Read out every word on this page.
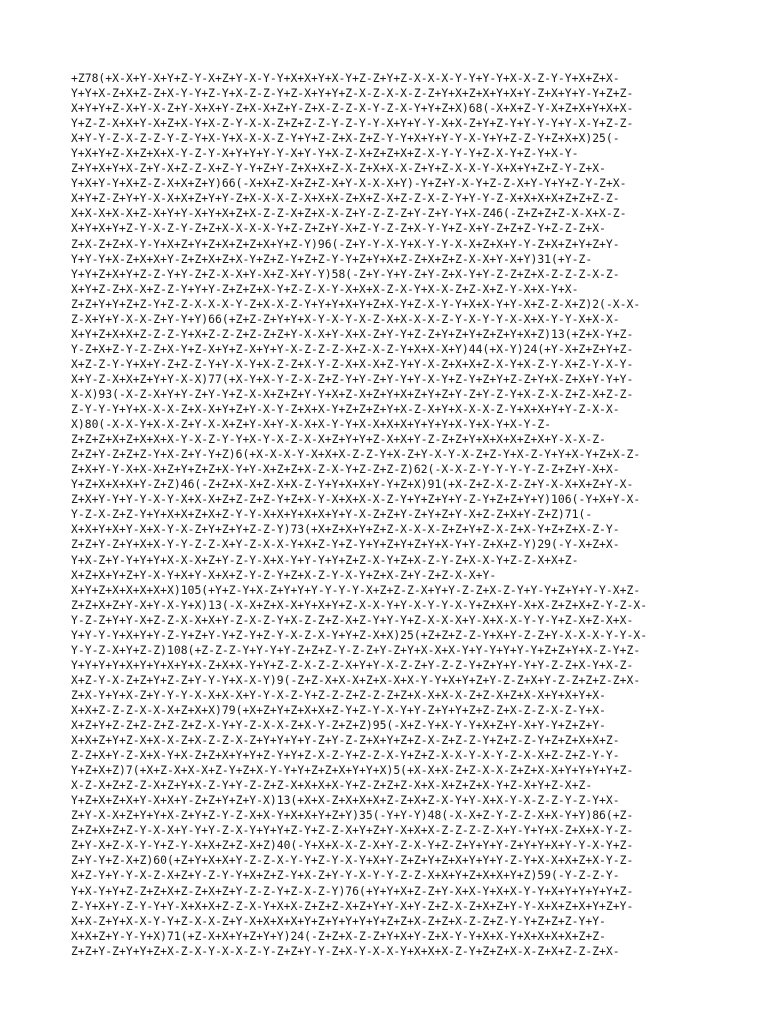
+Z78(+X-X+Y-X+Y+Z-Y-X+Z+Y-X-Y-Y+X+X+Y+X-Y+Z-Z+Y+Z-X-X-X-Y-Y+Y-Y+X-X-Z-Y-Y+X+Z+X-
Y+Y+X-Z+X+Z-Z+X-Y-Y+Z-Y+X-Z-Z-Y+Z-X+Y+Y+Z-X-Z-X-X-Z-Z+Y+X+Z+X+Y+X+Y-Z+X+Y+Y-Y+Z+Z-
X+Y+Y+Z-X+Y-X-Z+Y-X+X+Y-Z+X-X+Z+Y-Z+X-Z-Z-X-Y-Z-X-Y+Y+Z+X)68(-X+X+Z-Y-X+Z+X+Y+X+X-
Y+Z-Z-X+X+Y-X+Z+X-Y+X-Z-Y-X-X-Z+Z+Z-Z-Y-Z-Y-Y-X+Y+Y-Y-X+X-Z+Y+Z-Y+Y-Y-Y+Y-X-Y+Z-Z-
X+Y-Y-Z-X-Z-Z-Y-Z-Y+X-Y+X-X-X-Z-Y+Y+Z-Z+X-Z+Z-Y-Y+X+Y+Y-Y-X-Y+Y+Z-Z-Y+Z+X+X)25(-
Y+X+Y+Z-X+Z+X+X-Y-Z-Y-X+Y+Y+Y-Y-X+Y-Y+X-Z-X+Z+Z+X+Z-X-Y-Y-Y+Z-X-Y+Z-Y+X-Y-
Z+Y+X+Y+X-Z+Y-X+Z-Z-X+Z-Y-Y+Z+Y-Z+X+X+Z-X-Z+X+X-X-Z+Y+Z-X-X-Y-X+X+Y+Z+Z-Y-Z+X-
Y+X+Y-Y+X+Z-Z-X+X+Z+Y)66(-X+X+Z-X+Z+Z-X+Y-X-X-X+Y)-Y+Z+Y-X-Y+Z-Z-X+Y-Y+Y+Z-Y-Z+X-
X+Y+Z-Z+Y+Y-X-X+X+Z+Y+Y-Z+X-X-X-Z-X+X+X-Z+X+Z-X+Z-Z-X-Z-Y+Y-Y-Z-X+X+X+X+Z+Z+Z-Z-
X+X-X+X-X+Z-X+Y+Y-X+Y+X+Z+X-Z-Z-X+Z+X-X-Z+Y-Z-Z-Z+Y-Z+Y-Y+X-Z46(-Z+Z+Z+Z-X-X+X-Z-
X+Y+X+Y+Z-Y-X-Z-Y-Z+Z+X-X-X-X-Y+Z-Z+Z+Y-X+Z-Y-Z-Z+X-Y-Y+Z-X+Y-Z+Z+Z-Y+Z-Z-Z+X-
Z+X-Z+Z+X-Y-Y+X+Z+Y+Z+X+Z+Z+X+Y+Z-Y)96(-Z+Y-Y-X-Y+X-Y-Y-X-X+Z+X+Y-Y-Z+X+Z+Y+Z+Y-
Y+Y-Y+X-Z+X+X+Y-Z+Z+X+Z+X-Y+Z+Z-Y+Z+Z-Y-Y+Z+Y+X+Z-Z+X+Z+Z-X-X+Y-X+Y)31(+Y-Z-
Y+Y+Z+X+Y+Z-Z-Y+Y-Z+Z-X-X+Y-X+Z-X+Y-Y)58(-Z+Y-Y+Y-Z+Y-Z+X-Y+Y-Z-Z+Z+X-Z-Z-Z-X-Z-
X+Y+Z-Z+X-X+Z-Z-Y+Y+Y-Z+Z+Z+X-Y+Z-Z-X-Y-X+X+X-Z-X-Y+X-X-Z+Z-X+Z-Y-X+X-Y+X-
Z+Z+Y+Y+Z+Z-Y+Z-Z-X-X-X-Y-Z+X-X-Z-Y+Y+Y+X+Y+Z+X-Y+Z-X-Y-Y+X+X-Y+Y-X+Z-Z-X+Z)2(-X-X-
Z-X+Y+Y-X-X-Z+Y-Y+Y)66(+Z+Z-Z+Y+Y+X-Y-X-Y-X-Z-X+X-X-X-Z-Y-X-Y-Y-X-X+X-Y-Y-X+X-X-
X+Y+Z+X+X+Z-Z-Z-Y+X+Z-Z-Z+Z-Z+Z+Y-X-X+Y-X+X-Z+Y-Y+Z-Z+Y+Z+Y+Z+Z+Y+X+Z)13(+Z+X-Y+Z-
Y-Z+X+Z-Y-Z-Z+X-Y+Z-X+Y+Z-X+Y+Y-X-Z-Z-Z-X+Z-X-Z-Y+X+X-X+Y)44(+X-Y)24(+Y-X+Z+Z+Y+Z-
X+Z-Z-Y-Y+X+Y-Z+Z-Z-Y+Y-X-Y+X-Z-Z+X-Y-Z-X+X-X+Z-Y+Y-X-Z+X+X+Z-X-Y+X-Z-Y-X+Z-Y-X-Y-
X+Y-Z-X+X+Z+Y+Y-X-X)77(+X-Y+X-Y-Z-X-Z+Z-Y+Y-Z+Y-Y+Y-X-Y+Z-Y+Z+Y+Z-Z+Y+X-Z+X+Y-Y+Y-
X-X)93(-X-Z-X+Y+Y-Z+Y-Y+Z-X-X+Z+Z+Y-Y+X+Z-X+Z+Y+X+Z+Y+Z+Y-Z+Y-Z-Y+X-Z-X-Z+Z-X+Z-Z-
Z-Y-Y-Y+Y+X-X-X-Z+X-X+Y+Z+Y-X-Y-Z+X+X-Y+Z+Z+Z+Y+X-Z-X+Y+X-X-X-Z-Y+X+X+Y+Y-Z-X-X-
X)80(-X-X-Y+X-X-Z+Y-X-X+Z+Y-X+Y-X-X+X-Y-Y+X-X+X+X+Y+Y+Y+X-Y+X-Y+X-Y-Z-
Z+Z+Z+X+Z+X+X+X-Y-X-Z-Y-Y+X-Y-X-Z-X-X+Z+Y+Y+Z-X+X+Y-Z-Z+Z+Y+X+X+X+Z+X+Y-X-X-Z-
Z+Z+Y-Z+Z+Z-Y+X-Z+Y-Y+Z)6(+X-X-X-Y-X+X+X-Z-Z-Y+X-Z+Y-X-Y-X-Z+Z-Y+X-Z-Y+Y+X-Y+Z+X-Z-
Z+X+Y-Y-X+X-X+Z+Y+Z+Z+X-Y+Y-X+Z+Z+X-Z-X-Y+Z-Z+Z-Z)62(-X-X-Z-Y-Y-Y-Y-Z-Z+Z+Y-X+X-
Y+Z+X+X+X+Y-Z+Z)46(-Z+Z+X-X+Z-X+X-Z-Y+Y+X+X+Y-Y+Z+X)91(+X-Z+Z-X-Z-Z+Y-X-X+X+Z+Y-X-
Z+X+Y-Y+Y-Y-X-Y-X+X-X+Z+Z-Z+Z-Y+Z+X-Y-X+X+X-X-Z-Y+Y+Z+Y+Y-Z-Y+Z+Z+Y+Y)106(-Y+X+Y-X-
Y-Z-X-Z+Z-Y+Y+X+X+Z+X+Z-Y-Y-X+X+Y+X+X+Y+Y-X-Z+Z+Y-Z+Y+Z+Y-X+Z-Z+X+Y-Z+Z)71(-
X+X+Y+X+Y-X+X-Y-X-Z+Y+Z+Y+Z-Z-Y)73(+X+Z+X+Y+Z+Z-X-X-X-Z+Z+Y+Z-X-Z+X-Y+Z+Z+X-Z-Y-
Z+Z+Y-Z+Y+X+X-Y-Y-Z-Z-X+Y-Z-X-X-Y+X+Z-Y+Z-Y+Y+Z+Y+Z+Y+X-Y+Y-Z+X+Z-Y)29(-Y-X+Z+X-
Y+X-Z+Y-Y+Y+Y+X-X-X+Z+Y-Z-Y-X+X-Y+Y-Y+Y+Z+Z-X-Y+Z+X-Z-Y-Z+X-X-Y+Z-Z-X+X+Z-
X+Z+X+Y+Z+Y-X-Y+X+Y-X+X+Z-Y-Z-Y+Z+X-Z-Y-X-Y+Z+X-Z+Y-Z+Z-X-X+Y-
X+Y+Z+X+X+X+X+X)105(+Y+Z-Y+X-Z+Y+Y+Y-Y-Y-Y-X+Z+Z-Z-X+Y+Y-Z-Z+X-Z-Y+Y-Y+Z+Y+Y-Y-X+Z-
Z+Z+X+Z+Y-X+Y-X-Y+X)13(-X-X+Z+X-X+Y+X+Y+Z-X-X-Y+Y-X-Y-Y-X-Y+Z+X+Y-X+X-Z+Z+X+Z-Y-Z-X-
Y-Z-Z+Y+Y-X+Z-Z-X-X+X+Y-Z-X-Z-Y+X-Z-Z+Z-X+Z-Y+Y-Y+Z-X-X-X+Y-X+X-X-Y-Y-Y+Z-X+Z-X+X-
Y+Y-Y-Y+X+Y+Y-Z-Y+Z+Y-Y+Z-Y+Z-Y-X-Z-X-Y+Y+Z-X+X)25(+Z+Z+Z-Z-Y+X+Y-Z-Z+Y-X-X-X-Y-Y-X-
Y-Y-Z-X+Y+Z-Z)108(+Z-Z-Z-Y+Y-Y+Y-Z+Z+Z-Y-Z-Z+Y-Z+Y+X-X+X-Y+Y-Y+Y+Y-Y+Z+Z+Y+X-Z-Y+Z-
Y+Y+Y+Y+X+Y+Y+X+Y+X-Z+X+X-Y+Y+Z-Z-X-Z-Z-X+Y+Y-X-Z-Z+Y-Z-Z-Y+Z+Y+Y-Y+Y-Z-Z+X-Y+X-Z-
X+Z-Y-X-Z+Z+Y+Z-Z+Y-Y-Y+X-X-Y)9(-Z+Z-X+X-X+Z+X-X+X-Y-Y+X+Y+Z+Y-Z-Z+X+Y-Z-Z+Z+Z-Z+X-
Z+X-Y+Y+X-Z+Y-Y-Y-X-X+X-X+Y-Y-X-Z-Y+Z-Z-Z+Z-Z-Z+Z+X-X+X-X-Z+Z-X+Z+X-X+Y+X+Y+X-
X+X+Z-Z-Z-X-X-X+Z+X+X)79(+X+Z+Y+Z+X+X+Z-Y+Z-Y-X-Y+Y-Z+Y+Y+Z+Z-Z+X-Z-Z-X-Z-Y+X-
X+Z+Y+Z-Z+Z-Z+Z-Z+Z-X-Y+Y-Z-X-X-Z+X-Y-Z+Z+Z)95(-X+Z-Y+X-Y-Y+X+Z+Y-X+Y-Y+Z+Z+Y-
X+X+Z+Y+Z-X+X-X-Z+X-Z-Z-X-Z+Y+Y+Y+Y-Z+Y-Z-Z+X+Y+Z+Z-X-Z+Z-Z-Y+Z+Z-Z-Y+Z+Z+X+X+Z-
Z-Z+X+Y-Z-X+X-Y+X-Z+Z+X+Y+Y+Z-Y+Y+Z-X-Z-Y+Z-Z-X-Y+Z+Z-X-X-Y-X-Y-Z-X-X+Z-Z+Z-Y-Y-
Y+Z+X+Z)7(+X+Z-X+X-X+Z-Y+Z+X-Y-Y+Y+Z+Z+X+Y+Y+X)5(+X-X+X-Z+Z-X-X-Z+Z+X-X+Y+Y+Y+Y+Z-
X-Z-X+Z+Z-Z-X+Z+Y+X-Z-Y+Y-Z-Z+Z-X+X+X+X-Y+Z-Z+Z+Z-X+X-X+Z+Z+X-Y+Z-X+Y+Z-X+Z-
Y+Z+X+Z+X+Y-X+X+Y-Z+Z+Y+Z+Y-X)13(+X+X-Z+X+X+X+Z-Z+X+Z-X-Y+Y-X+X-Y-X-Z-Z-Y-Z-Y+X-
Z+Y-X-X+Z+Y+Y+X-Z+Y+Z-Y-Z-X+X-Y+X+X+Y+Z+Y)35(-Y+Y-Y)48(-X-X+Z-Y-Z-Z-X+X-Y+Y)86(+Z-
Z+Z+X+Z+Z-Y-X-X+Y-Y+Y-Z-X-Y+Y+Y+Z-Y+Z-Z-X+Y+Z+Y-X+X+X-Z-Z-Z-Z-X+Y-Y+Y+X-Z+X+X-Y-Z-
Z+Y-X+Z-X-Y-Y+Z-Y-X+X+Z+Z-X+Z)40(-Y+X+X-X-Z-X+Y-Z-X-Y+Z-Z+Y+Y+Y-Z+Y+Y+X+Y-Y-X-Y+Z-
Z+Y-Y+Z-X+Z)60(+Z+Y+X+X+Y-Z-Z-X-Y-Y+Z-Y-X-Y+X+Y-Z+Z+Y+Z+X+Y+Y+Y-Z-Y+X-X+X+Z+X-Y-Z-
X+Z-Y+Y-Y-X-Z-X+Z+Y-Z-Y-Y+X+Z+Z-Y+X-Z+Y-Y-X-Y-Y-Z-Z-X+X+Y+Z+X+X+Y+Z)59(-Y-Z-Z-Y-
Y+X-Y+Y+Z-Z+Z+X+Z-Z+X+Z+Y-Z-Z-Y+Z-X-Z-Y)76(+Y+Y+X+Z-Z+Y-X+X-Y+X+X-Y-Y+X+Y+Y+Y+Y+Z-
Z-Y+X+Y-Z-Y-Y+Y-X+X+X+Z-Z-X-Y+X+X-Z+Z+Z-X+Z+Y+Y-X+Y-Z+Z-X-Z+X+Z+Y-Y-X+X+Z+X+Y+Z+Y-
X+X-Z+Y+X-X-Y-Y+Z-X-X-Z+Y-X+X+X+X+Y+Z+Y+Y+Y+Y+Z+Z+X-Z+Z+X-Z-Z+Z-Y-Y+Z+Z+Z-Y+Y-
X+X+Z+Y-Y-Y+X)71(+Z-X+X+Y+Z+Y+Y)24(-Z+Z+X-Z-Z+Y+X+Y-Z+X-Y-Y+X+X-Y+X+X+X+X+Z+Z-
Z+Z+Y-Z+Y+Y+Z+X-Z-X-Y-X-X-Z-Y-Z+Z+Y-Y-Z+X-Y-X-X-Y+X+X+X-Z-Y+Z+Z+X-X-Z+X+Z-Z-Z+X-
